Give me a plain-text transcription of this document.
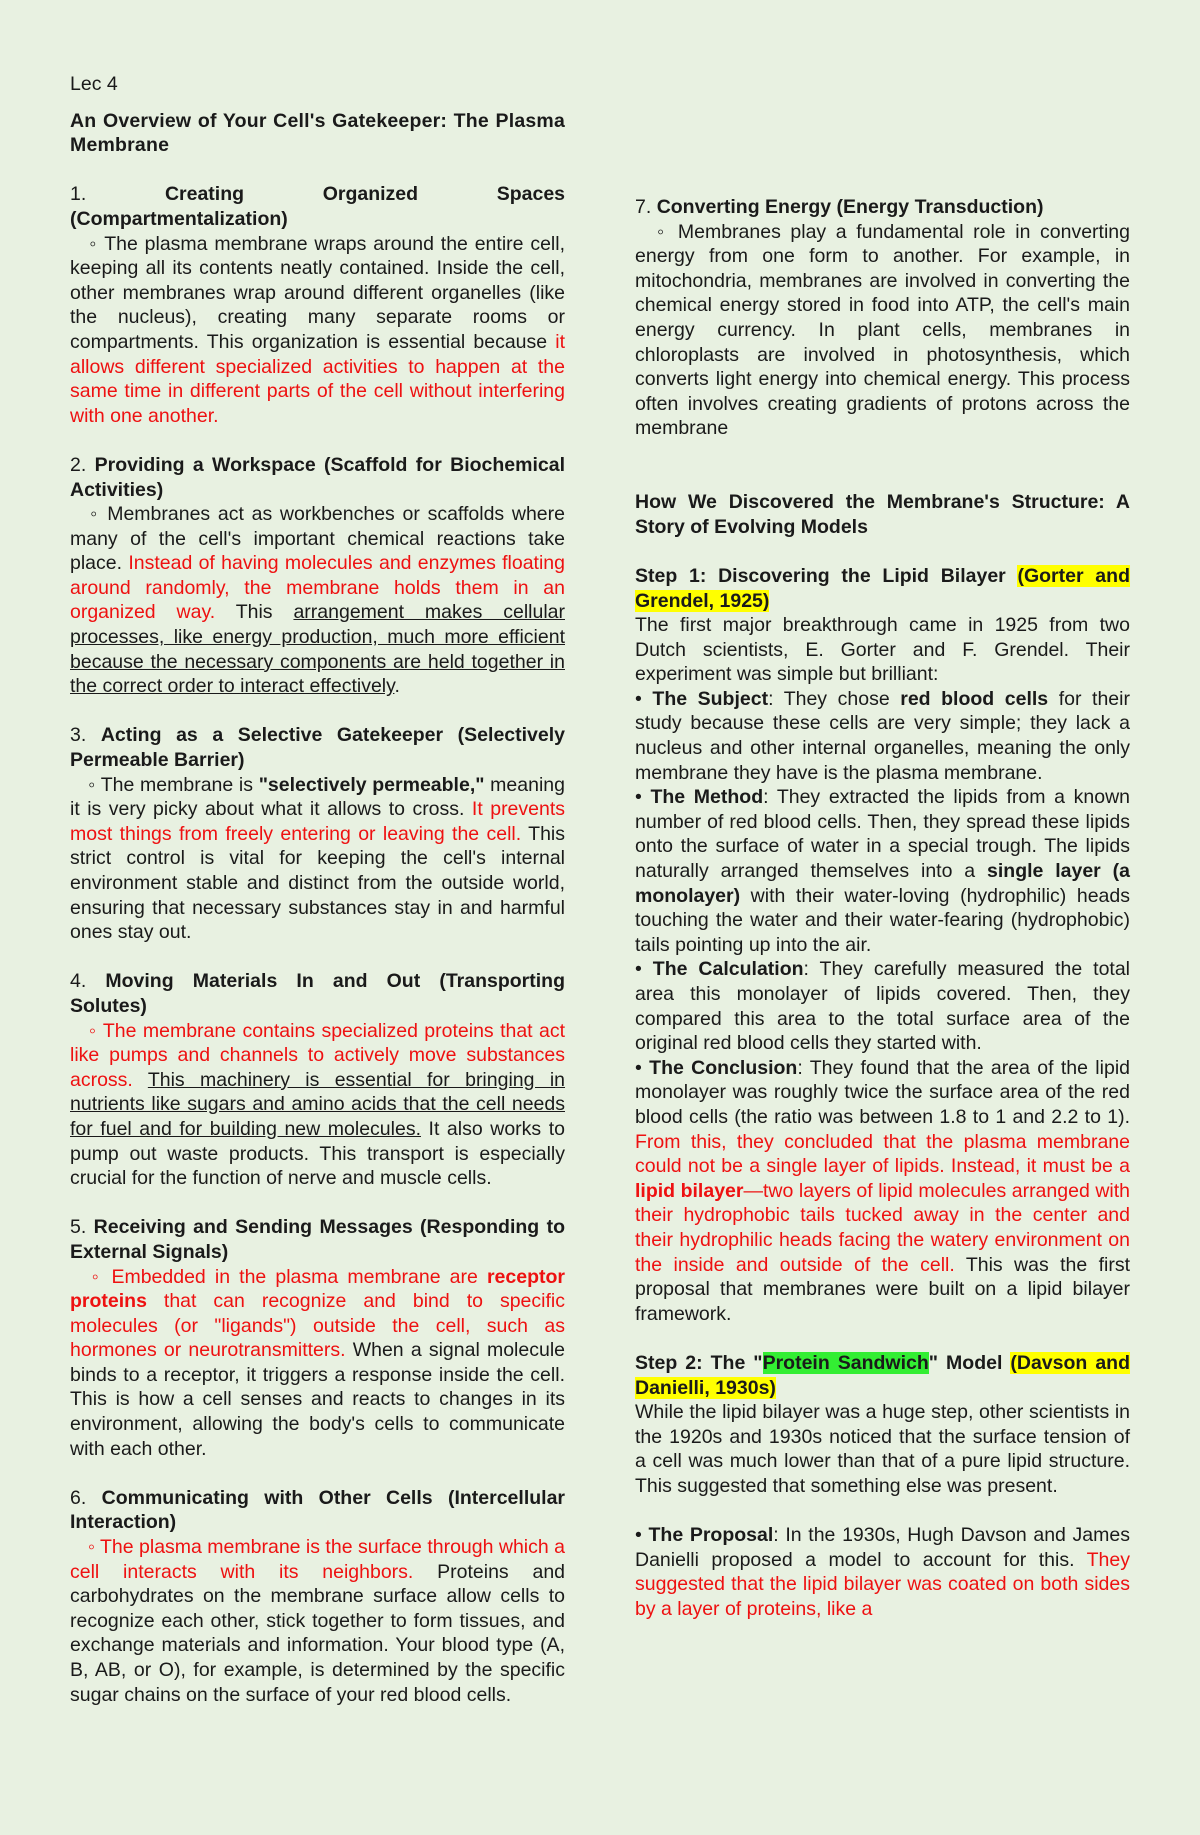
Lec 4

An Overview of Your Cell's Gatekeeper: The Plasma Membrane

1.	Creating Organized Spaces (Compartmentalization)

◦ The plasma membrane wraps around the entire cell, keeping all its contents neatly contained. Inside the cell, other membranes wrap around different organelles (like the nucleus), creating many separate rooms or compartments. This organization is essential because it allows different specialized activities to happen at the same time in different parts of the cell without interfering with one another.

2. Providing a Workspace (Scaffold for Biochemical Activities)

◦ Membranes act as workbenches or scaffolds where many of the cell's important chemical reactions take place. Instead of having molecules and enzymes floating around randomly, the membrane holds them in an organized way. This arrangement makes cellular processes, like energy production, much more efficient because the necessary components are held together in the correct order to interact effectively.

3. Acting as a Selective Gatekeeper (Selectively Permeable Barrier)

◦ The membrane is "selectively permeable," meaning it is very picky about what it allows to cross. It prevents most things from freely entering or leaving the cell. This strict control is vital for keeping the cell's internal environment stable and distinct from the outside world, ensuring that necessary substances stay in and harmful ones stay out.

4. Moving Materials In and Out (Transporting Solutes)

◦ The membrane contains specialized proteins that act like pumps and channels to actively move substances across. This machinery is essential for bringing in nutrients like sugars and amino acids that the cell needs for fuel and for building new molecules. It also works to pump out waste products. This transport is especially crucial for the function of nerve and muscle cells.

5. Receiving and Sending Messages (Responding to External Signals)

◦ Embedded in the plasma membrane are receptor proteins that can recognize and bind to specific molecules (or "ligands") outside the cell, such as hormones or neurotransmitters. When a signal molecule binds to a receptor, it triggers a response inside the cell. This is how a cell senses and reacts to changes in its environment, allowing the body's cells to communicate with each other.

6. Communicating with Other Cells (Intercellular Interaction)

◦ The plasma membrane is the surface through which a cell interacts with its neighbors. Proteins and carbohydrates on the membrane surface allow cells to recognize each other, stick together to form tissues, and exchange materials and information. Your blood type (A, B, AB, or O), for example, is determined by the specific sugar chains on the surface of your red blood cells.

7. Converting Energy (Energy Transduction)

◦ Membranes play a fundamental role in converting energy from one form to another. For example, in mitochondria, membranes are involved in converting the chemical energy stored in food into ATP, the cell's main energy currency. In plant cells, membranes in chloroplasts are involved in photosynthesis, which converts light energy into chemical energy. This process often involves creating gradients of protons across the membrane

How We Discovered the Membrane's Structure: A Story of Evolving Models

Step 1: Discovering the Lipid Bilayer (Gorter and Grendel, 1925)

The first major breakthrough came in 1925 from two Dutch scientists, E. Gorter and F. Grendel. Their experiment was simple but brilliant:

• The Subject: They chose red blood cells for their study because these cells are very simple; they lack a nucleus and other internal organelles, meaning the only membrane they have is the plasma membrane.

• The Method: They extracted the lipids from a known number of red blood cells. Then, they spread these lipids onto the surface of water in a special trough. The lipids naturally arranged themselves into a single layer (a monolayer) with their water-loving (hydrophilic) heads touching the water and their water-fearing (hydrophobic) tails pointing up into the air.

• The Calculation: They carefully measured the total area this monolayer of lipids covered. Then, they compared this area to the total surface area of the original red blood cells they started with.

• The Conclusion: They found that the area of the lipid monolayer was roughly twice the surface area of the red blood cells (the ratio was between 1.8 to 1 and 2.2 to 1). From this, they concluded that the plasma membrane could not be a single layer of lipids. Instead, it must be a lipid bilayer—two layers of lipid molecules arranged with their hydrophobic tails tucked away in the center and their hydrophilic heads facing the watery environment on the inside and outside of the cell. This was the first proposal that membranes were built on a lipid bilayer framework.

Step 2: The "Protein Sandwich" Model (Davson and Danielli, 1930s)

While the lipid bilayer was a huge step, other scientists in the 1920s and 1930s noticed that the surface tension of a cell was much lower than that of a pure lipid structure. This suggested that something else was present.

• The Proposal: In the 1930s, Hugh Davson and James Danielli proposed a model to account for this. They suggested that the lipid bilayer was coated on both sides by a layer of proteins, like a
